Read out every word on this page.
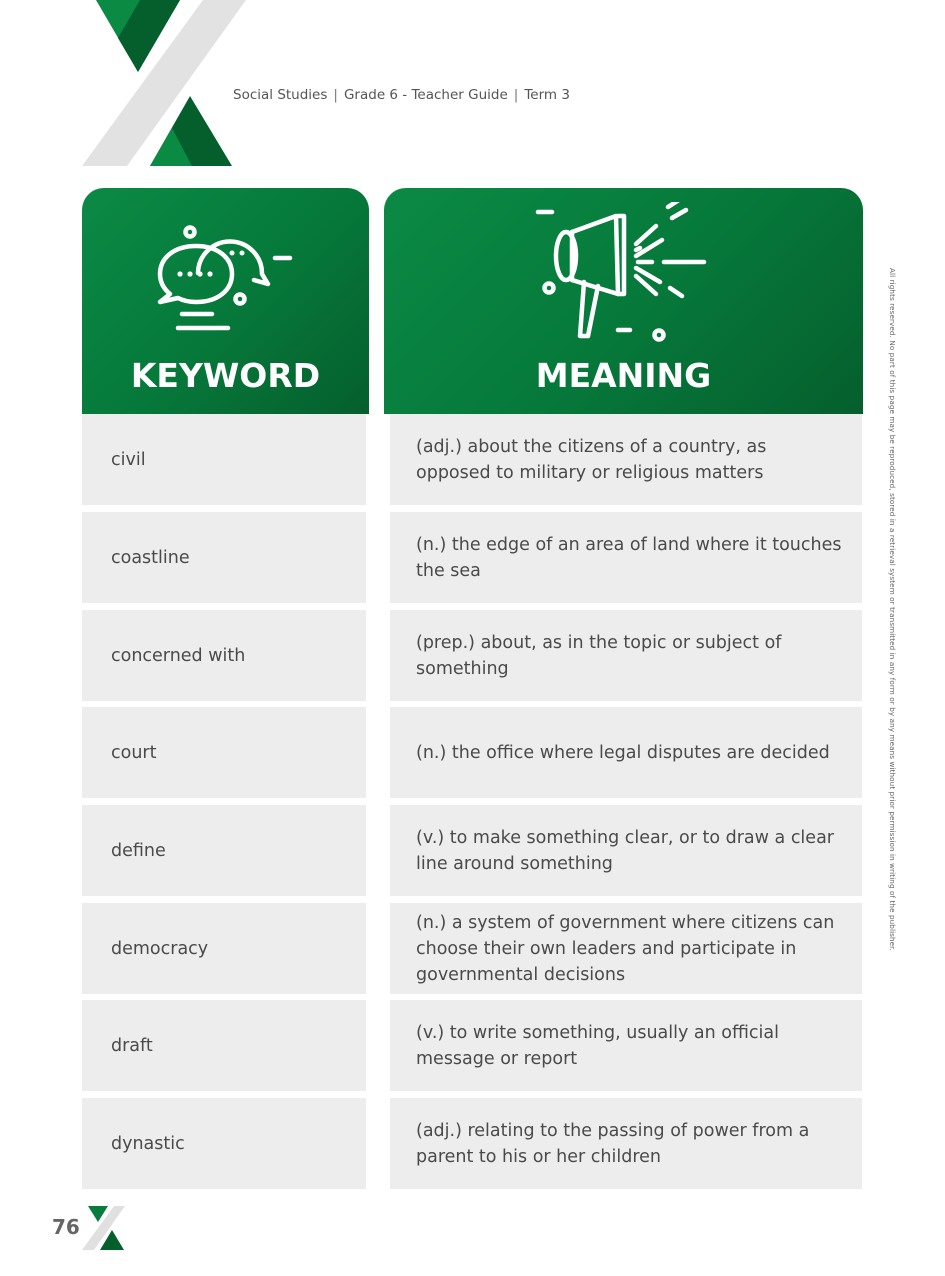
Social Studies | Grade 6 - Teacher Guide | Term 3
All rights reserved. No part of this page may be reproduced, stored in a retrieval system or transmitted in any form or by any means without prior permission in writing of the publisher.
KEYWORD	MEANING
civil
(adj.) about the citizens of a country, as opposed to military or religious matters
coastline
(n.) the edge of an area of land where it touches the sea
concerned with
(prep.) about, as in the topic or subject of something
court	(n.) the office where legal disputes are decided
define
(v.) to make something clear, or to draw a clear line around something
democracy
(n.) a system of government where citizens can choose their own leaders and participate in governmental decisions
draft
(v.) to write something, usually an official message or report
dynastic
(adj.) relating to the passing of power from a parent to his or her children
76
